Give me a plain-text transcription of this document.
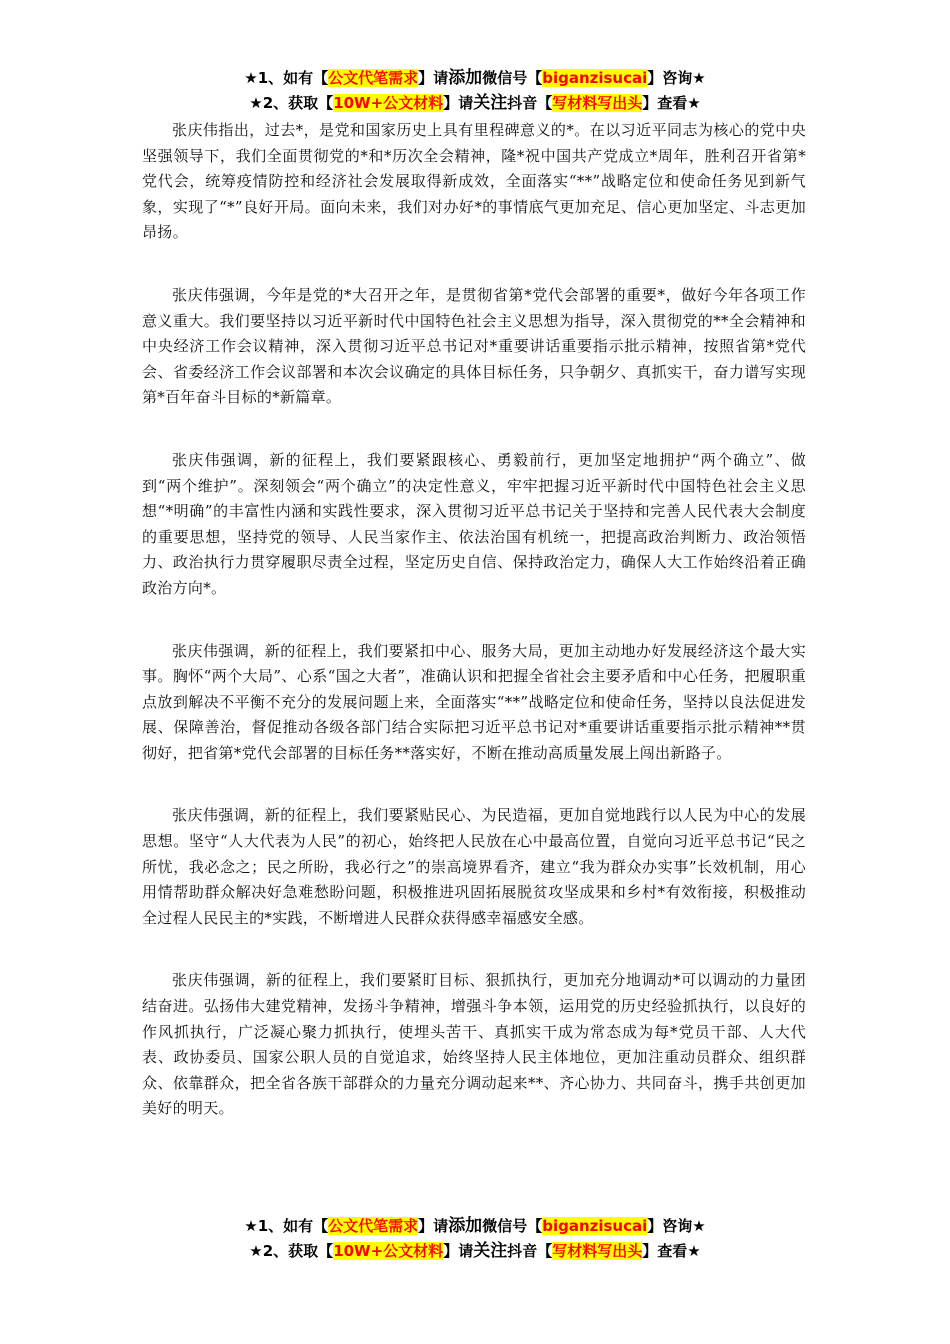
★1、如有【公文代笔需求】请添加微信号【biganzisucai】咨询★
★2、获取【10W+公文材料】请关注抖音【写材料写出头】查看★

张庆伟指出，过去*，是党和国家历史上具有里程碑意义的*。在以习近平同志为核心的党中央坚强领导下，我们全面贯彻党的*和*历次全会精神，隆*祝中国共产党成立*周年，胜利召开省第*党代会，统筹疫情防控和经济社会发展取得新成效，全面落实“**”战略定位和使命任务见到新气象，实现了“*”良好开局。面向未来，我们对办好*的事情底气更加充足、信心更加坚定、斗志更加昂扬。

张庆伟强调，今年是党的*大召开之年，是贯彻省第*党代会部署的重要*，做好今年各项工作意义重大。我们要坚持以习近平新时代中国特色社会主义思想为指导，深入贯彻党的**全会精神和中央经济工作会议精神，深入贯彻习近平总书记对*重要讲话重要指示批示精神，按照省第*党代会、省委经济工作会议部署和本次会议确定的具体目标任务，只争朝夕、真抓实干，奋力谱写实现第*百年奋斗目标的*新篇章。

张庆伟强调，新的征程上，我们要紧跟核心、勇毅前行，更加坚定地拥护“两个确立”、做到“两个维护”。深刻领会“两个确立”的决定性意义，牢牢把握习近平新时代中国特色社会主义思想“*明确”的丰富性内涵和实践性要求，深入贯彻习近平总书记关于坚持和完善人民代表大会制度的重要思想，坚持党的领导、人民当家作主、依法治国有机统一，把提高政治判断力、政治领悟力、政治执行力贯穿履职尽责全过程，坚定历史自信、保持政治定力，确保人大工作始终沿着正确政治方向*。

张庆伟强调，新的征程上，我们要紧扣中心、服务大局，更加主动地办好发展经济这个最大实事。胸怀“两个大局”、心系“国之大者”，准确认识和把握全省社会主要矛盾和中心任务，把履职重点放到解决不平衡不充分的发展问题上来，全面落实“**”战略定位和使命任务，坚持以良法促进发展、保障善治，督促推动各级各部门结合实际把习近平总书记对*重要讲话重要指示批示精神**贯彻好，把省第*党代会部署的目标任务**落实好，不断在推动高质量发展上闯出新路子。

张庆伟强调，新的征程上，我们要紧贴民心、为民造福，更加自觉地践行以人民为中心的发展思想。坚守“人大代表为人民”的初心，始终把人民放在心中最高位置，自觉向习近平总书记“民之所忧，我必念之；民之所盼，我必行之”的崇高境界看齐，建立“我为群众办实事”长效机制，用心用情帮助群众解决好急难愁盼问题，积极推进巩固拓展脱贫攻坚成果和乡村*有效衔接，积极推动全过程人民民主的*实践，不断增进人民群众获得感幸福感安全感。

张庆伟强调，新的征程上，我们要紧盯目标、狠抓执行，更加充分地调动*可以调动的力量团结奋进。弘扬伟大建党精神，发扬斗争精神，增强斗争本领，运用党的历史经验抓执行，以良好的作风抓执行，广泛凝心聚力抓执行，使埋头苦干、真抓实干成为常态成为每*党员干部、人大代表、政协委员、国家公职人员的自觉追求，始终坚持人民主体地位，更加注重动员群众、组织群众、依靠群众，把全省各族干部群众的力量充分调动起来**、齐心协力、共同奋斗，携手共创更加美好的明天。

★1、如有【公文代笔需求】请添加微信号【biganzisucai】咨询★
★2、获取【10W+公文材料】请关注抖音【写材料写出头】查看★
